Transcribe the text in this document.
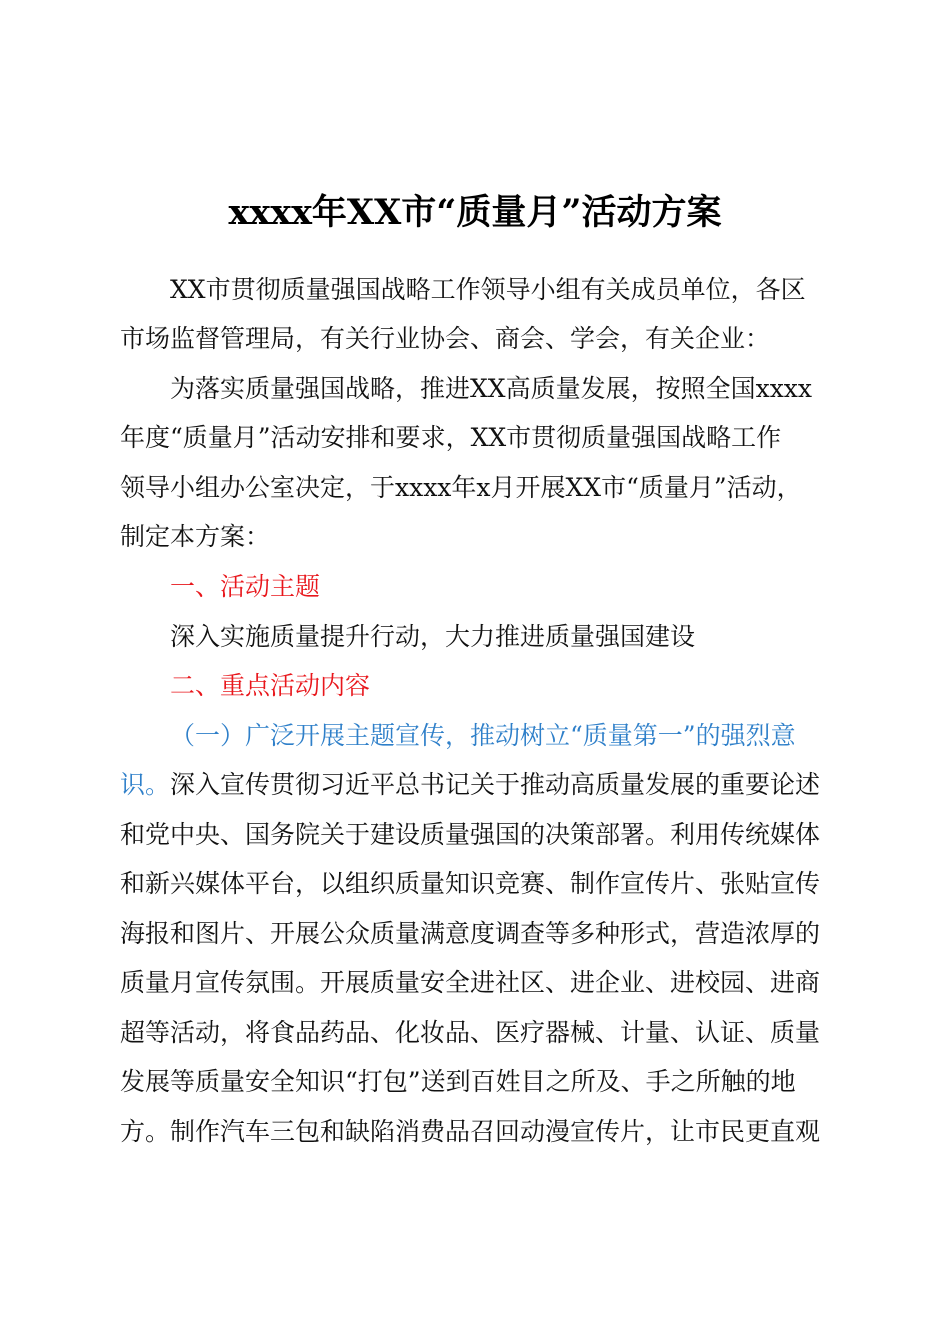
xxxx年XX市“质量月”活动方案
XX市贯彻质量强国战略工作领导小组有关成员单位，各区
市场监督管理局，有关行业协会、商会、学会，有关企业：
为落实质量强国战略，推进XX高质量发展，按照全国xxxx
年度“质量月”活动安排和要求，XX市贯彻质量强国战略工作
领导小组办公室决定，于xxxx年x月开展XX市“质量月”活动，
制定本方案：
一、活动主题
深入实施质量提升行动，大力推进质量强国建设
二、重点活动内容
（一）广泛开展主题宣传，推动树立“质量第一”的强烈意
识。 深入宣传贯彻习近平总书记关于推动高质量发展的重要论述
和党中央、国务院关于建设质量强国的决策部署。利用传统媒体
和新兴媒体平台，以组织质量知识竞赛、制作宣传片、张贴宣传
海报和图片、开展公众质量满意度调查等多种形式，营造浓厚的
质量月宣传氛围。开展质量安全进社区、进企业、进校园、进商
超等活动，将食品药品、化妆品、医疗器械、计量、认证、质量
发展等质量安全知识“打包”送到百姓目之所及、手之所触的地
方。制作汽车三包和缺陷消费品召回动漫宣传片，让市民更直观
